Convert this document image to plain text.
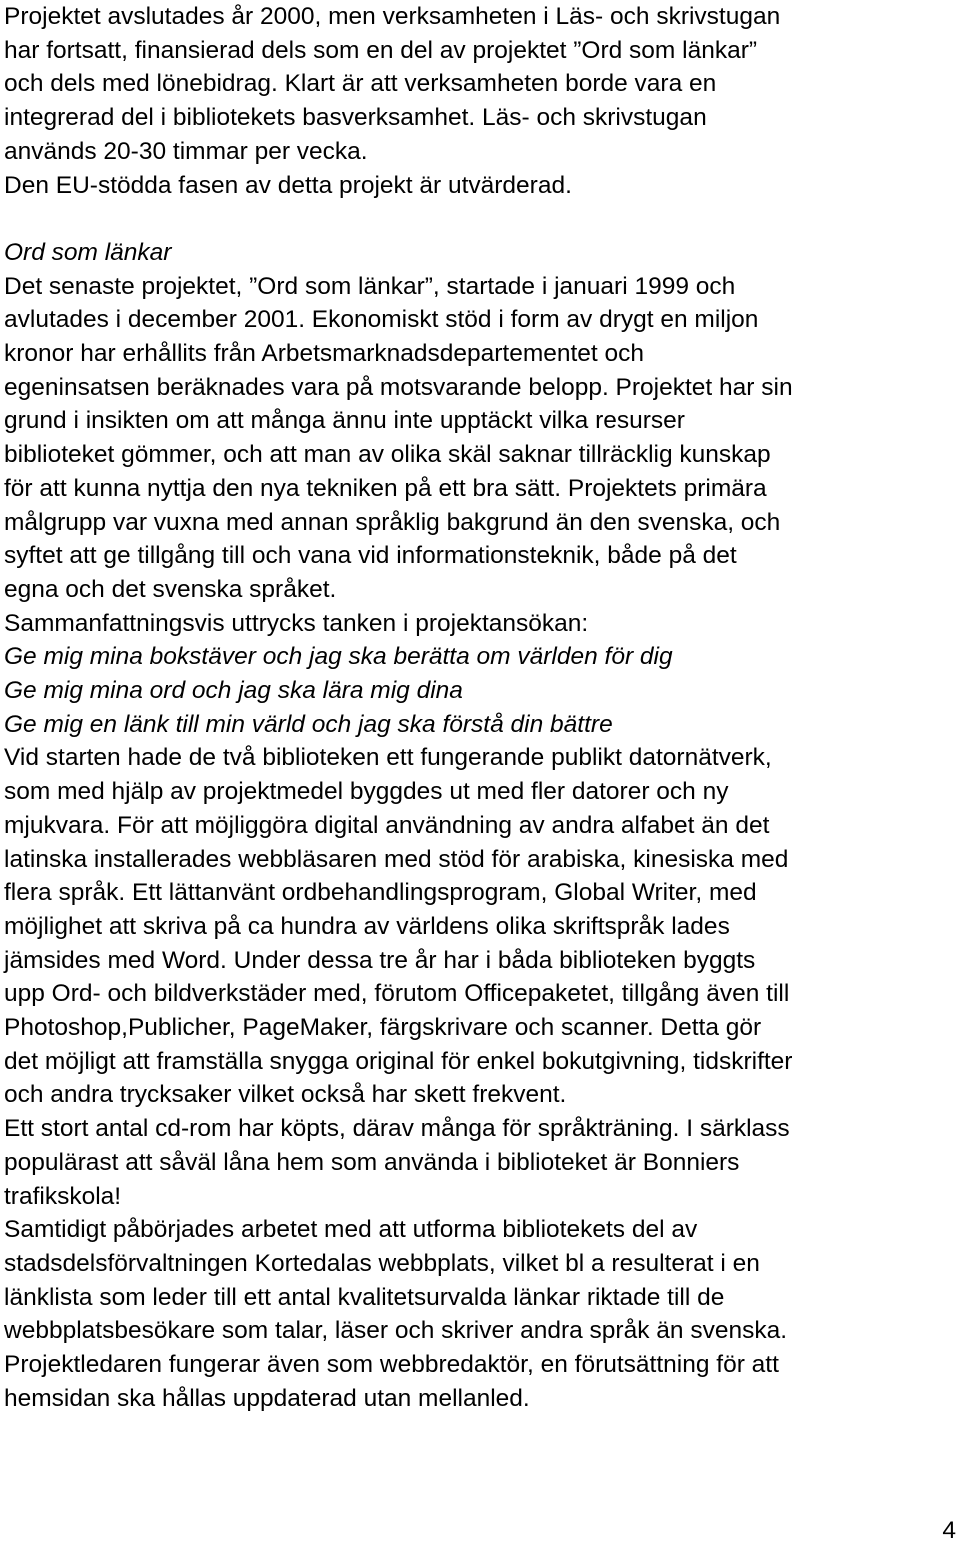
Projektet avslutades år 2000, men verksamheten i Läs- och skrivstugan
har fortsatt, finansierad dels som en del av projektet ”Ord som länkar”
och dels med lönebidrag. Klart är att verksamheten borde vara en
integrerad del i bibliotekets basverksamhet. Läs- och skrivstugan
används 20-30 timmar per vecka.
Den EU-stödda fasen av detta projekt är utvärderad.
Ord som länkar
Det senaste projektet, ”Ord som länkar”, startade i januari 1999 och
avlutades i december 2001. Ekonomiskt stöd i form av drygt en miljon
kronor har erhållits från Arbetsmarknadsdepartementet och
egeninsatsen beräknades vara på motsvarande belopp. Projektet har sin
grund i insikten om att många ännu inte upptäckt vilka resurser
biblioteket gömmer, och att man av olika skäl saknar tillräcklig kunskap
för att kunna nyttja den nya tekniken på ett bra sätt. Projektets primära
målgrupp var vuxna med annan språklig bakgrund än den svenska, och
syftet att ge tillgång till och vana vid informationsteknik, både på det
egna och det svenska språket.
Sammanfattningsvis uttrycks tanken i projektansökan:
Ge mig mina bokstäver och jag ska berätta om världen för dig
Ge mig mina ord och jag ska lära mig dina
Ge mig en länk till min värld och jag ska förstå din bättre
Vid starten hade de två biblioteken ett fungerande publikt datornätverk,
som med hjälp av projektmedel byggdes ut med fler datorer och ny
mjukvara. För att möjliggöra digital användning av andra alfabet än det
latinska installerades webbläsaren med stöd för arabiska, kinesiska med
flera språk. Ett lättanvänt ordbehandlingsprogram, Global Writer, med
möjlighet att skriva på ca hundra av världens olika skriftspråk lades
jämsides med Word. Under dessa tre år har i båda biblioteken byggts
upp Ord- och bildverkstäder med, förutom Officepaketet, tillgång även till
Photoshop,Publicher, PageMaker, färgskrivare och scanner. Detta gör
det möjligt att framställa snygga original för enkel bokutgivning, tidskrifter
och andra trycksaker vilket också har skett frekvent.
Ett stort antal cd-rom har köpts, därav många för språkträning. I särklass
populärast att såväl låna hem som använda i biblioteket är Bonniers
trafikskola!
Samtidigt påbörjades arbetet med att utforma bibliotekets del av
stadsdelsförvaltningen Kortedalas webbplats, vilket bl a resulterat i en
länklista som leder till ett antal kvalitetsurvalda länkar riktade till de
webbplatsbesökare som talar, läser och skriver andra språk än svenska.
Projektledaren fungerar även som webbredaktör, en förutsättning för att
hemsidan ska hållas uppdaterad utan mellanled.
4
